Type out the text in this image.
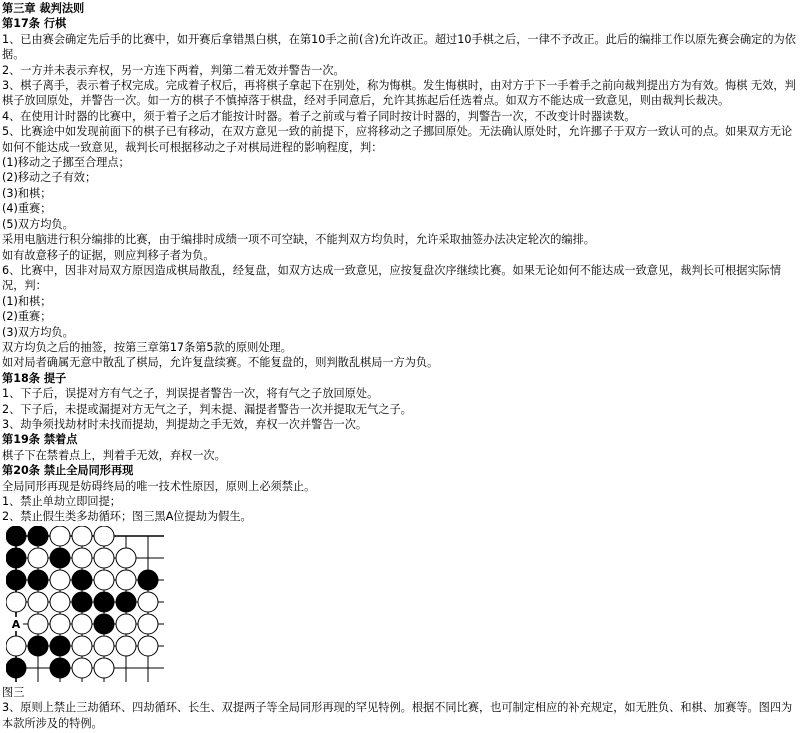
第三章 裁判法则
第17条 行棋
1、已由赛会确定先后手的比赛中，如开赛后拿错黑白棋，在第10手之前(含)允许改正。超过10手棋之后，一律不予改正。此后的编排工作以原先赛会确定的为依据。
2、一方并未表示弃权，另一方连下两着，判第二着无效并警告一次。
3、棋子离手，表示着子权完成。完成着子权后，再将棋子拿起下在别处，称为悔棋。发生悔棋时，由对方于下一手着手之前向裁判提出方为有效。悔棋 无效，判棋子放回原处，并警告一次。如一方的棋子不慎掉落于棋盘，经对手同意后，允许其拣起后任选着点。如双方不能达成一致意见，则由裁判长裁决。
4、在使用计时器的比赛中，须于着子之后才能按计时器。着子之前或与着子同时按计时器的，判警告一次，不改变计时器读数。
5、比赛途中如发现前面下的棋子已有移动，在双方意见一致的前提下，应将移动之子挪回原处。无法确认原处时，允许挪子于双方一致认可的点。如果双方无论如何不能达成一致意见，裁判长可根据移动之子对棋局进程的影响程度，判：
(1)移动之子挪至合理点；
(2)移动之子有效；
(3)和棋；
(4)重赛；
(5)双方均负。
采用电脑进行积分编排的比赛，由于编排时成绩一项不可空缺，不能判双方均负时，允许采取抽签办法决定轮次的编排。
如有故意移子的证据，则应判移子者为负。
6、比赛中，因非对局双方原因造成棋局散乱，经复盘，如双方达成一致意见，应按复盘次序继续比赛。如果无论如何不能达成一致意见，裁判长可根据实际情况，判：
(1)和棋；
(2)重赛；
(3)双方均负。
双方均负之后的抽签，按第三章第17条第5款的原则处理。
如对局者确属无意中散乱了棋局，允许复盘续赛。不能复盘的，则判散乱棋局一方为负。
第18条 提子
1、下子后，误提对方有气之子，判误提者警告一次，将有气之子放回原处。
2、下子后，未提或漏提对方无气之子，判未提、漏提者警告一次并提取无气之子。
3、劫争须找劫材时未找而提劫，判提劫之手无效，弃权一次并警告一次。
第19条 禁着点
棋子下在禁着点上，判着手无效，弃权一次。
第20条 禁止全局同形再现
全局同形再现是妨碍终局的唯一技术性原因，原则上必须禁止。
1、禁止单劫立即回提；
2、禁止假生类多劫循环；图三黑A位提劫为假生。
A
图三
3、原则上禁止三劫循环、四劫循环、长生、双提两子等全局同形再现的罕见特例。根据不同比赛，也可制定相应的补充规定，如无胜负、和棋、加赛等。图四为本款所涉及的特例。
